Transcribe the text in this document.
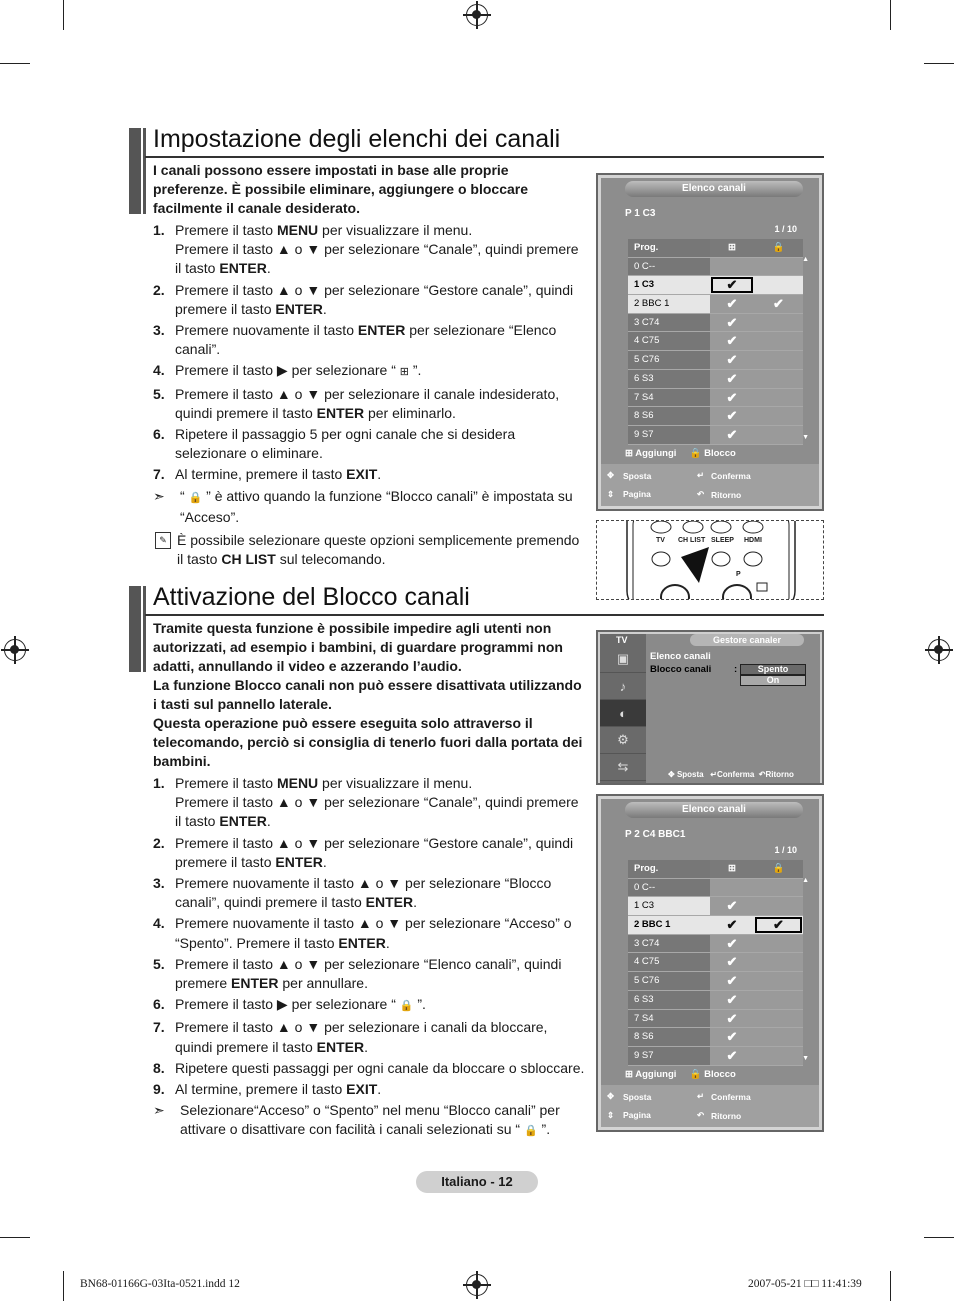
Impostazione degli elenchi dei canali
I canali possono essere impostati in base alle proprie preferenze. È possibile eliminare, aggiungere o bloccare facilmente il canale desiderato.
1. Premere il tasto MENU per visualizzare il menu.
Premere il tasto ▲ o ▼ per selezionare “Canale”, quindi premere il tasto ENTER.
2. Premere il tasto ▲ o ▼ per selezionare “Gestore canale”, quindi premere il tasto ENTER.
3. Premere nuovamente il tasto ENTER per selezionare “Elenco canali”.
4. Premere il tasto ▶ per selezionare “ ⊞ ”.
5. Premere il tasto ▲ o ▼ per selezionare il canale indesiderato, quindi premere il tasto ENTER per eliminarlo.
6. Ripetere il passaggio 5 per ogni canale che si desidera selezionare o eliminare.
7. Al termine, premere il tasto EXIT.
➣	“ 🔒 ” è attivo quando la funzione “Blocco canali” è impostata su “Acceso”.
✎ È possibile selezionare queste opzioni semplicemente premendo il tasto CH LIST sul telecomando.
Attivazione del Blocco canali
Tramite questa funzione è possibile impedire agli utenti non autorizzati, ad esempio i bambini, di guardare programmi non adatti, annullando il video e azzerando l’audio.
La funzione Blocco canali non può essere disattivata utilizzando i tasti sul pannello laterale.
Questa operazione può essere eseguita solo attraverso il telecomando, perciò si consiglia di tenerlo fuori dalla portata dei bambini.
1. Premere il tasto MENU per visualizzare il menu.
Premere il tasto ▲ o ▼ per selezionare “Canale”, quindi premere il tasto ENTER.
2. Premere il tasto ▲ o ▼ per selezionare “Gestore canale”, quindi premere il tasto ENTER.
3. Premere nuovamente il tasto ▲ o ▼ per selezionare “Blocco canali”, quindi premere il tasto ENTER.
4. Premere nuovamente il tasto ▲ o ▼ per selezionare “Acceso” o “Spento”. Premere il tasto ENTER.
5. Premere il tasto ▲ o ▼ per selezionare “Elenco canali”, quindi premere ENTER per annullare.
6. Premere il tasto ▶ per selezionare “ 🔒 ”.
7. Premere il tasto ▲ o ▼ per selezionare i canali da bloccare, quindi premere il tasto ENTER.
8. Ripetere questi passaggi per ogni canale da bloccare o sbloccare.
9. Al termine, premere il tasto EXIT.
➣	Selezionare“Acceso” o “Spento” nel menu “Blocco canali” per attivare o disattivare con facilità i canali selezionati su “ 🔒 ”.
Elenco canali
P 1 C3
1 / 10
Prog.	⊞	🔒
0 C--
1 C3	✔
2 BBC 1	✔	✔
3 C74	✔
4 C75	✔
5 C76	✔
6 S3	✔
7 S4	✔
8 S6	✔
9 S7	✔
▲
▼
⊞ Aggiungi 🔒 Blocco
✥ Sposta	↵ Conferma
⇕ Pagina	↶ Ritorno
TV CH LIST SLEEP HDMI
P
TV	Gestore canaler
▣
♪
◐
⚙
⇆
Elenco canali
Blocco canali :	Spento
On
✥ Sposta ↵Conferma ↶Ritorno
Elenco canali
P 2 C4 BBC1
1 / 10
Prog.	⊞	🔒
0 C--
1 C3	✔
2 BBC 1	✔	✔
3 C74	✔
4 C75	✔
5 C76	✔
6 S3	✔
7 S4	✔
8 S6	✔
9 S7	✔
▲
▼
⊞ Aggiungi 🔒 Blocco
✥ Sposta	↵ Conferma
⇕ Pagina	↶ Ritorno
Italiano - 12
BN68-01166G-03Ita-0521.indd 12	2007-05-21 □□ 11:41:39
